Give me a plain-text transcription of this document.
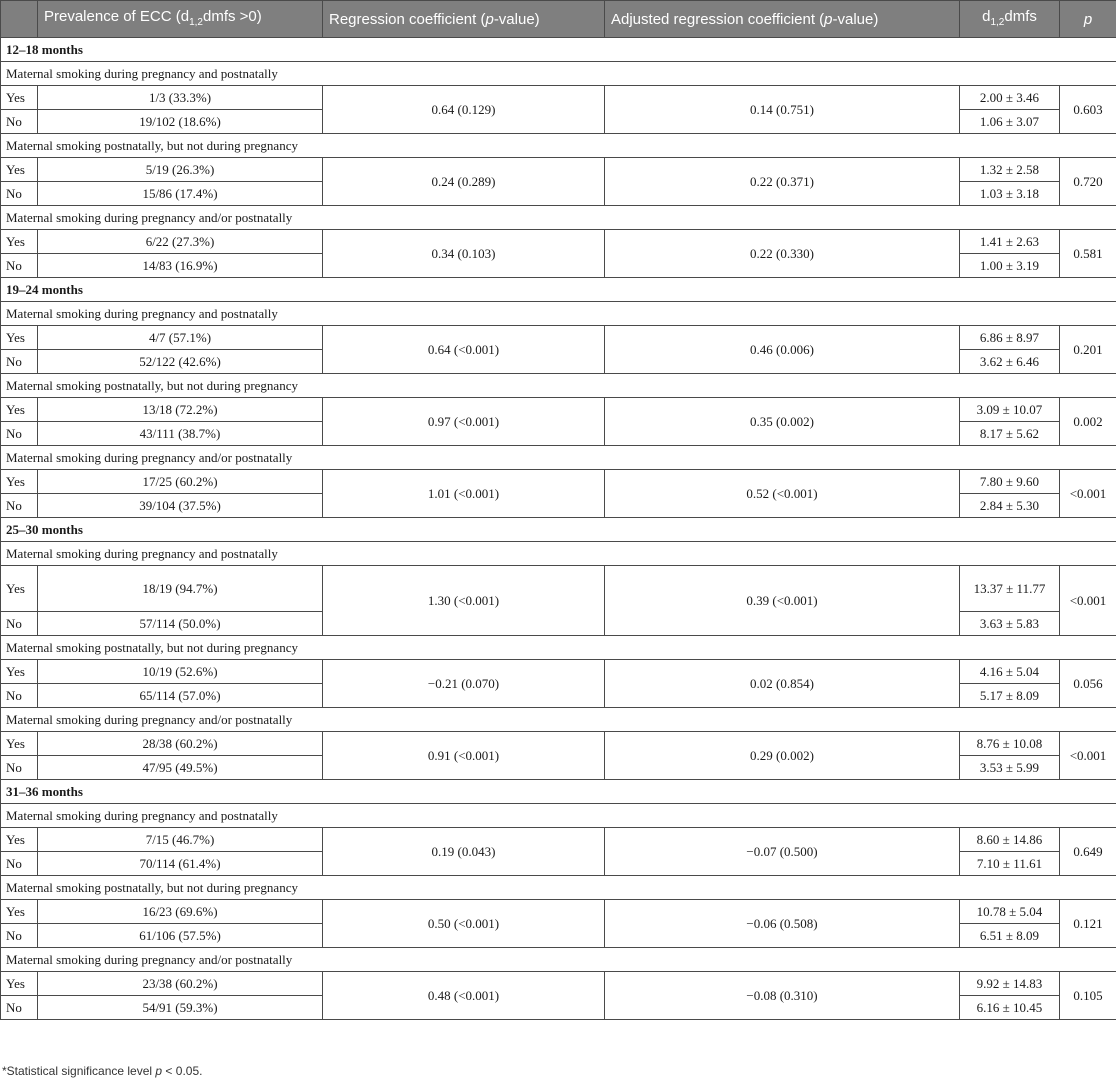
	Prevalence of ECC $(d_{1,2}dmfs >0)$	Regression coefficient (p-value)	Adjusted regression coefficient (p-value)	$d_{1,2}dmfs$	p
12–18 months					
Maternal smoking during pregnancy and postnatally					
Yes	1/3 (33.3%)	0.64 (0.129)	0.14 (0.751)	2.00 ± 3.46	0.603
No	19/102 (18.6%)			1.06 ± 3.07	
Maternal smoking postnatally, but not during pregnancy					
Yes	5/19 (26.3%)	0.24 (0.289)	0.22 (0.371)	1.32 ± 2.58	0.720
No	15/86 (17.4%)			1.03 ± 3.18	
Maternal smoking during pregnancy and/or postnatally					
Yes	6/22 (27.3%)	0.34 (0.103)	0.22 (0.330)	1.41 ± 2.63	0.581
No	14/83 (16.9%)			1.00 ± 3.19	
19–24 months					
Maternal smoking during pregnancy and postnatally					
Yes	4/7 (57.1%)	0.64 (<0.001)	0.46 (0.006)	6.86 ± 8.97	0.201
No	52/122 (42.6%)			3.62 ± 6.46	
Maternal smoking postnatally, but not during pregnancy					
Yes	13/18 (72.2%)	0.97 (<0.001)	0.35 (0.002)	3.09 ± 10.07	0.002
No	43/111 (38.7%)			8.17 ± 5.62	
Maternal smoking during pregnancy and/or postnatally					
Yes	17/25 (60.2%)	1.01 (<0.001)	0.52 (<0.001)	7.80 ± 9.60	<0.001
No	39/104 (37.5%)			2.84 ± 5.30	
25–30 months					
Maternal smoking during pregnancy and postnatally					
Yes	18/19 (94.7%)	1.30 (<0.001)	0.39 (<0.001)	13.37 ± 11.77	<0.001
No	57/114 (50.0%)			3.63 ± 5.83	
Maternal smoking postnatally, but not during pregnancy					
Yes	10/19 (52.6%)	−0.21 (0.070)	0.02 (0.854)	4.16 ± 5.04	0.056
No	65/114 (57.0%)			5.17 ± 8.09	
Maternal smoking during pregnancy and/or postnatally					
Yes	28/38 (60.2%)	0.91 (<0.001)	0.29 (0.002)	8.76 ± 10.08	<0.001
No	47/95 (49.5%)			3.53 ± 5.99	
31–36 months					
Maternal smoking during pregnancy and postnatally					
Yes	7/15 (46.7%)	0.19 (0.043)	−0.07 (0.500)	8.60 ± 14.86	0.649
No	70/114 (61.4%)			7.10 ± 11.61	
Maternal smoking postnatally, but not during pregnancy					
Yes	16/23 (69.6%)	0.50 (<0.001)	−0.06 (0.508)	10.78 ± 5.04	0.121
No	61/106 (57.5%)			6.51 ± 8.09	
Maternal smoking during pregnancy and/or postnatally					
Yes	23/38 (60.2%)	0.48 (<0.001)	−0.08 (0.310)	9.92 ± 14.83	0.105
No	54/91 (59.3%)			6.16 ± 10.45	
*Statistical significance level p < 0.05.
